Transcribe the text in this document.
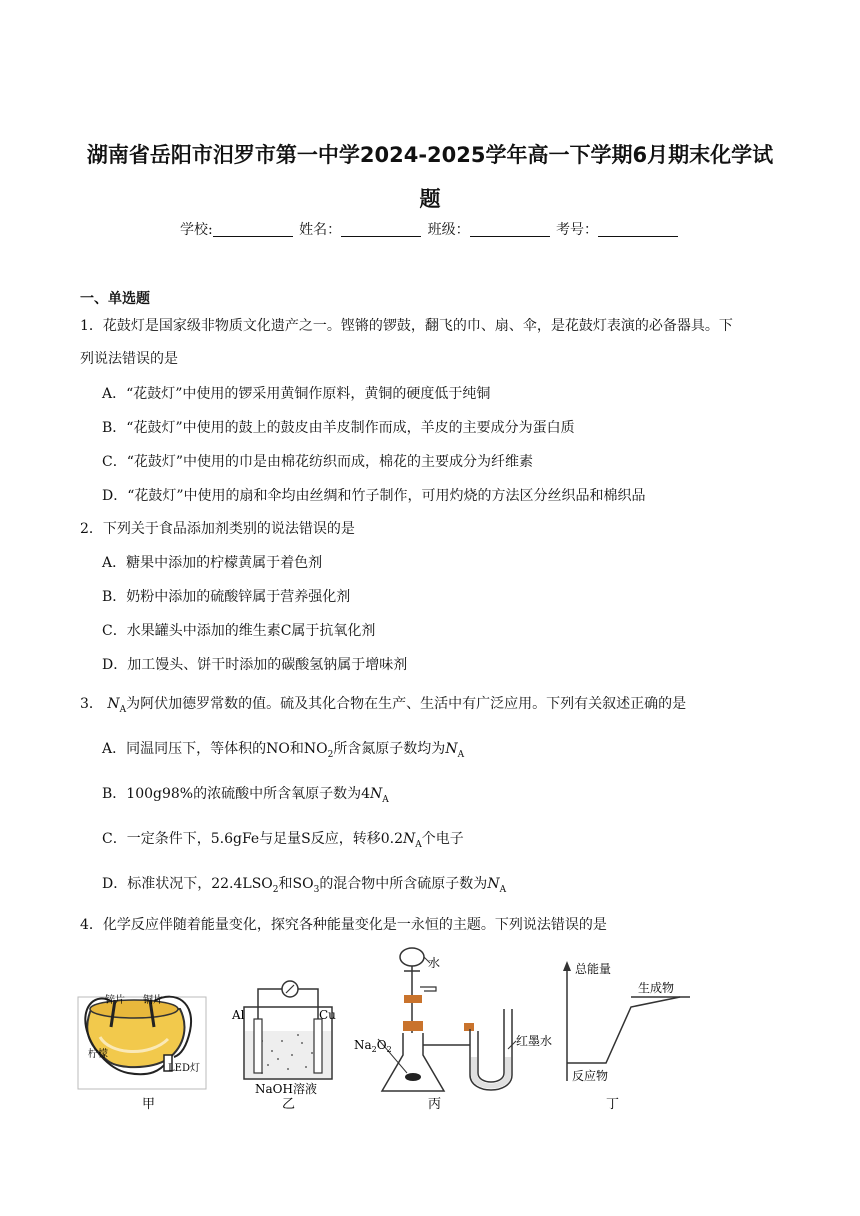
湖南省岳阳市汨罗市第一中学2024-2025学年高一下学期6月期末化学试
题
学校:	姓名：	班级：	考号：
一、单选题
1．花鼓灯是国家级非物质文化遗产之一。铿锵的锣鼓，翻飞的巾、扇、伞，是花鼓灯表演的必备器具。下
列说法错误的是
A．“花鼓灯”中使用的锣采用黄铜作原料，黄铜的硬度低于纯铜
B．“花鼓灯”中使用的鼓上的鼓皮由羊皮制作而成，羊皮的主要成分为蛋白质
C．“花鼓灯”中使用的巾是由棉花纺织而成，棉花的主要成分为纤维素
D．“花鼓灯”中使用的扇和伞均由丝绸和竹子制作，可用灼烧的方法区分丝织品和棉织品
2．下列关于食品添加剂类别的说法错误的是
A．糖果中添加的柠檬黄属于着色剂
B．奶粉中添加的硫酸锌属于营养强化剂
C．水果罐头中添加的维生素C属于抗氧化剂
D．加工馒头、饼干时添加的碳酸氢钠属于增味剂
3． $N_A$为阿伏加德罗常数的值。硫及其化合物在生产、生活中有广泛应用。下列有关叙述正确的是
A．同温同压下，等体积的NO和$NO_2$所含氮原子数均为$N_A$
B．100g98%的浓硫酸中所含氧原子数为$4N_A$
C．一定条件下，5.6gFe与足量S反应，转移$0.2N_A$个电子
D．标准状况下，$22.4LSO_2$和$SO_3$的混合物中所含硫原子数为$N_A$
4．化学反应伴随着能量变化，探究各种能量变化是一永恒的主题。下列说法错误的是
锌片 铜片
柠檬
LED灯
甲
Al	Cu
NaOH溶液
乙
水
$Na_2O_2$
红墨水
丙
总能量
生成物
反应物
丁
